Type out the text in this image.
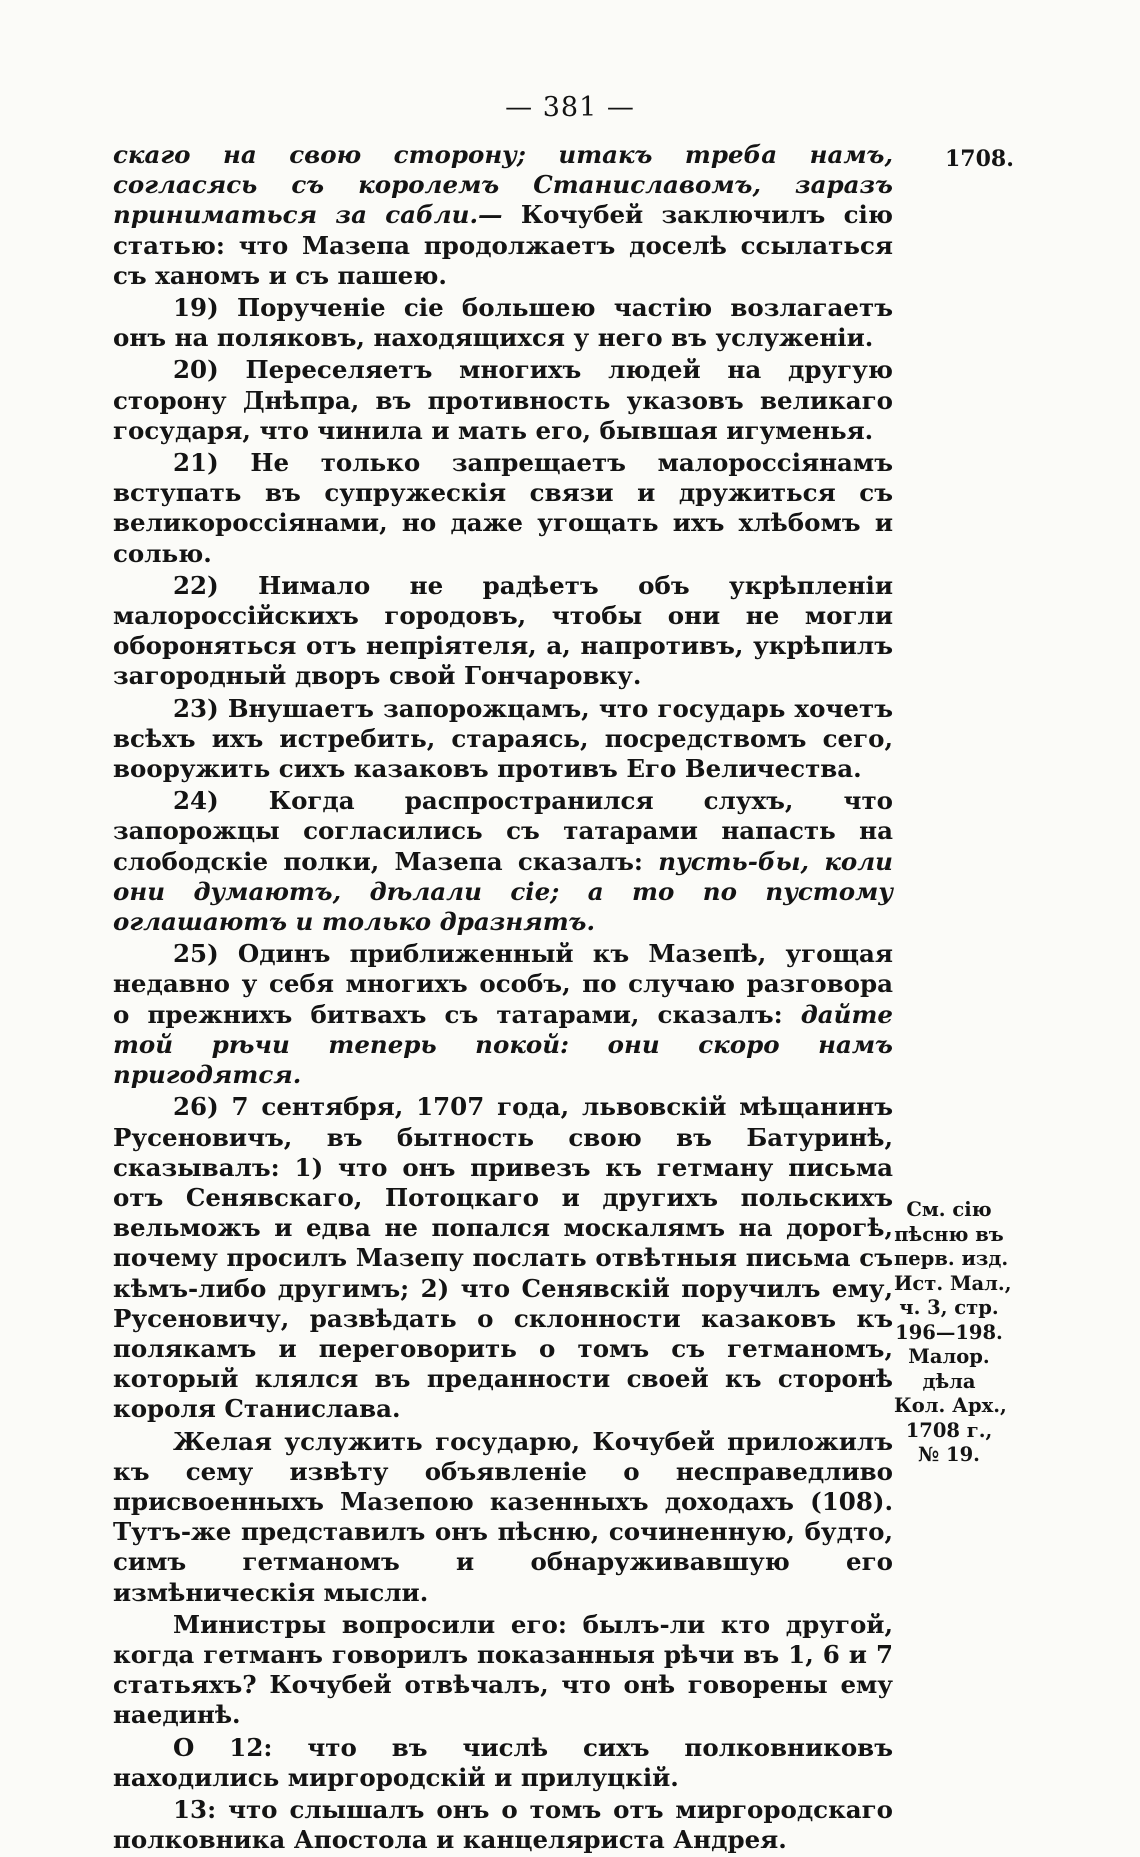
— 381 —
1708.

скаго на свою сторону; итакъ треба намъ, согласясь съ королемъ Станиславомъ, заразъ приниматься за сабли.— Кочубей заключилъ сію статью: что Мазепа продолжаетъ доселѣ ссылаться съ ханомъ и съ пашею.

19) Порученіе сіе большею частію возлагаетъ онъ на поляковъ, находящихся у него въ услуженіи.

20) Переселяетъ многихъ людей на другую сторону Днѣпра, въ противность указовъ великаго государя, что чинила и мать его, бывшая игуменья.

21) Не только запрещаетъ малороссіянамъ вступать въ супружескія связи и дружиться съ великороссіянами, но даже угощать ихъ хлѣбомъ и солью.

22) Нимало не радѣетъ объ укрѣпленіи малороссійскихъ городовъ, чтобы они не могли обороняться отъ непріятеля, а, напротивъ, укрѣпилъ загородный дворъ свой Гончаровку.

23) Внушаетъ запорожцамъ, что государь хочетъ всѣхъ ихъ истребить, стараясь, посредствомъ сего, вооружить сихъ казаковъ противъ Его Величества.

24) Когда распространился слухъ, что запорожцы согласились съ татарами напасть на слободскіе полки, Мазепа сказалъ: пусть-бы, коли они думаютъ, дѣлали сіе; а то по пустому оглашаютъ и только дразнятъ.

25) Одинъ приближенный къ Мазепѣ, угощая недавно у себя многихъ особъ, по случаю разговора о прежнихъ битвахъ съ татарами, сказалъ: дайте той рѣчи теперь покой: они скоро намъ пригодятся.

26) 7 сентября, 1707 года, львовскій мѣщанинъ Русеновичъ, въ бытность свою въ Батуринѣ, сказывалъ: 1) что онъ привезъ къ гетману письма отъ Сенявскаго, Потоцкаго и другихъ польскихъ вельможъ и едва не попался москалямъ на дорогѣ, почему просилъ Мазепу послать отвѣтныя письма съ кѣмъ-либо другимъ; 2) что Сенявскій поручилъ ему, Русеновичу, развѣдать о склонности казаковъ къ полякамъ и переговорить о томъ съ гетманомъ, который клялся въ преданности своей къ сторонѣ короля Станислава.

Желая услужить государю, Кочубей приложилъ къ сему извѣту объявленіе о несправедливо присвоенныхъ Мазепою казенныхъ доходахъ (108). Тутъ-же представилъ онъ пѣсню, сочиненную, будто, симъ гетманомъ и обнаруживавшую его измѣническія мысли.

Министры вопросили его: былъ-ли кто другой, когда гетманъ говорилъ показанныя рѣчи въ 1, 6 и 7 статьяхъ? Кочубей отвѣчалъ, что онѣ говорены ему наединѣ.

О 12: что въ числѣ сихъ полковниковъ находились миргородскій и прилуцкій.

13: что слышалъ онъ о томъ отъ миргородскаго полковника Апостола и канцеляриста Андрея.

См. сію
пѣсню въ
перв. изд.
Ист. Мал.,
ч. 3, стр.
196—198.
Малор.
дѣла
Кол. Арх.,
1708 г.,
№ 19.
